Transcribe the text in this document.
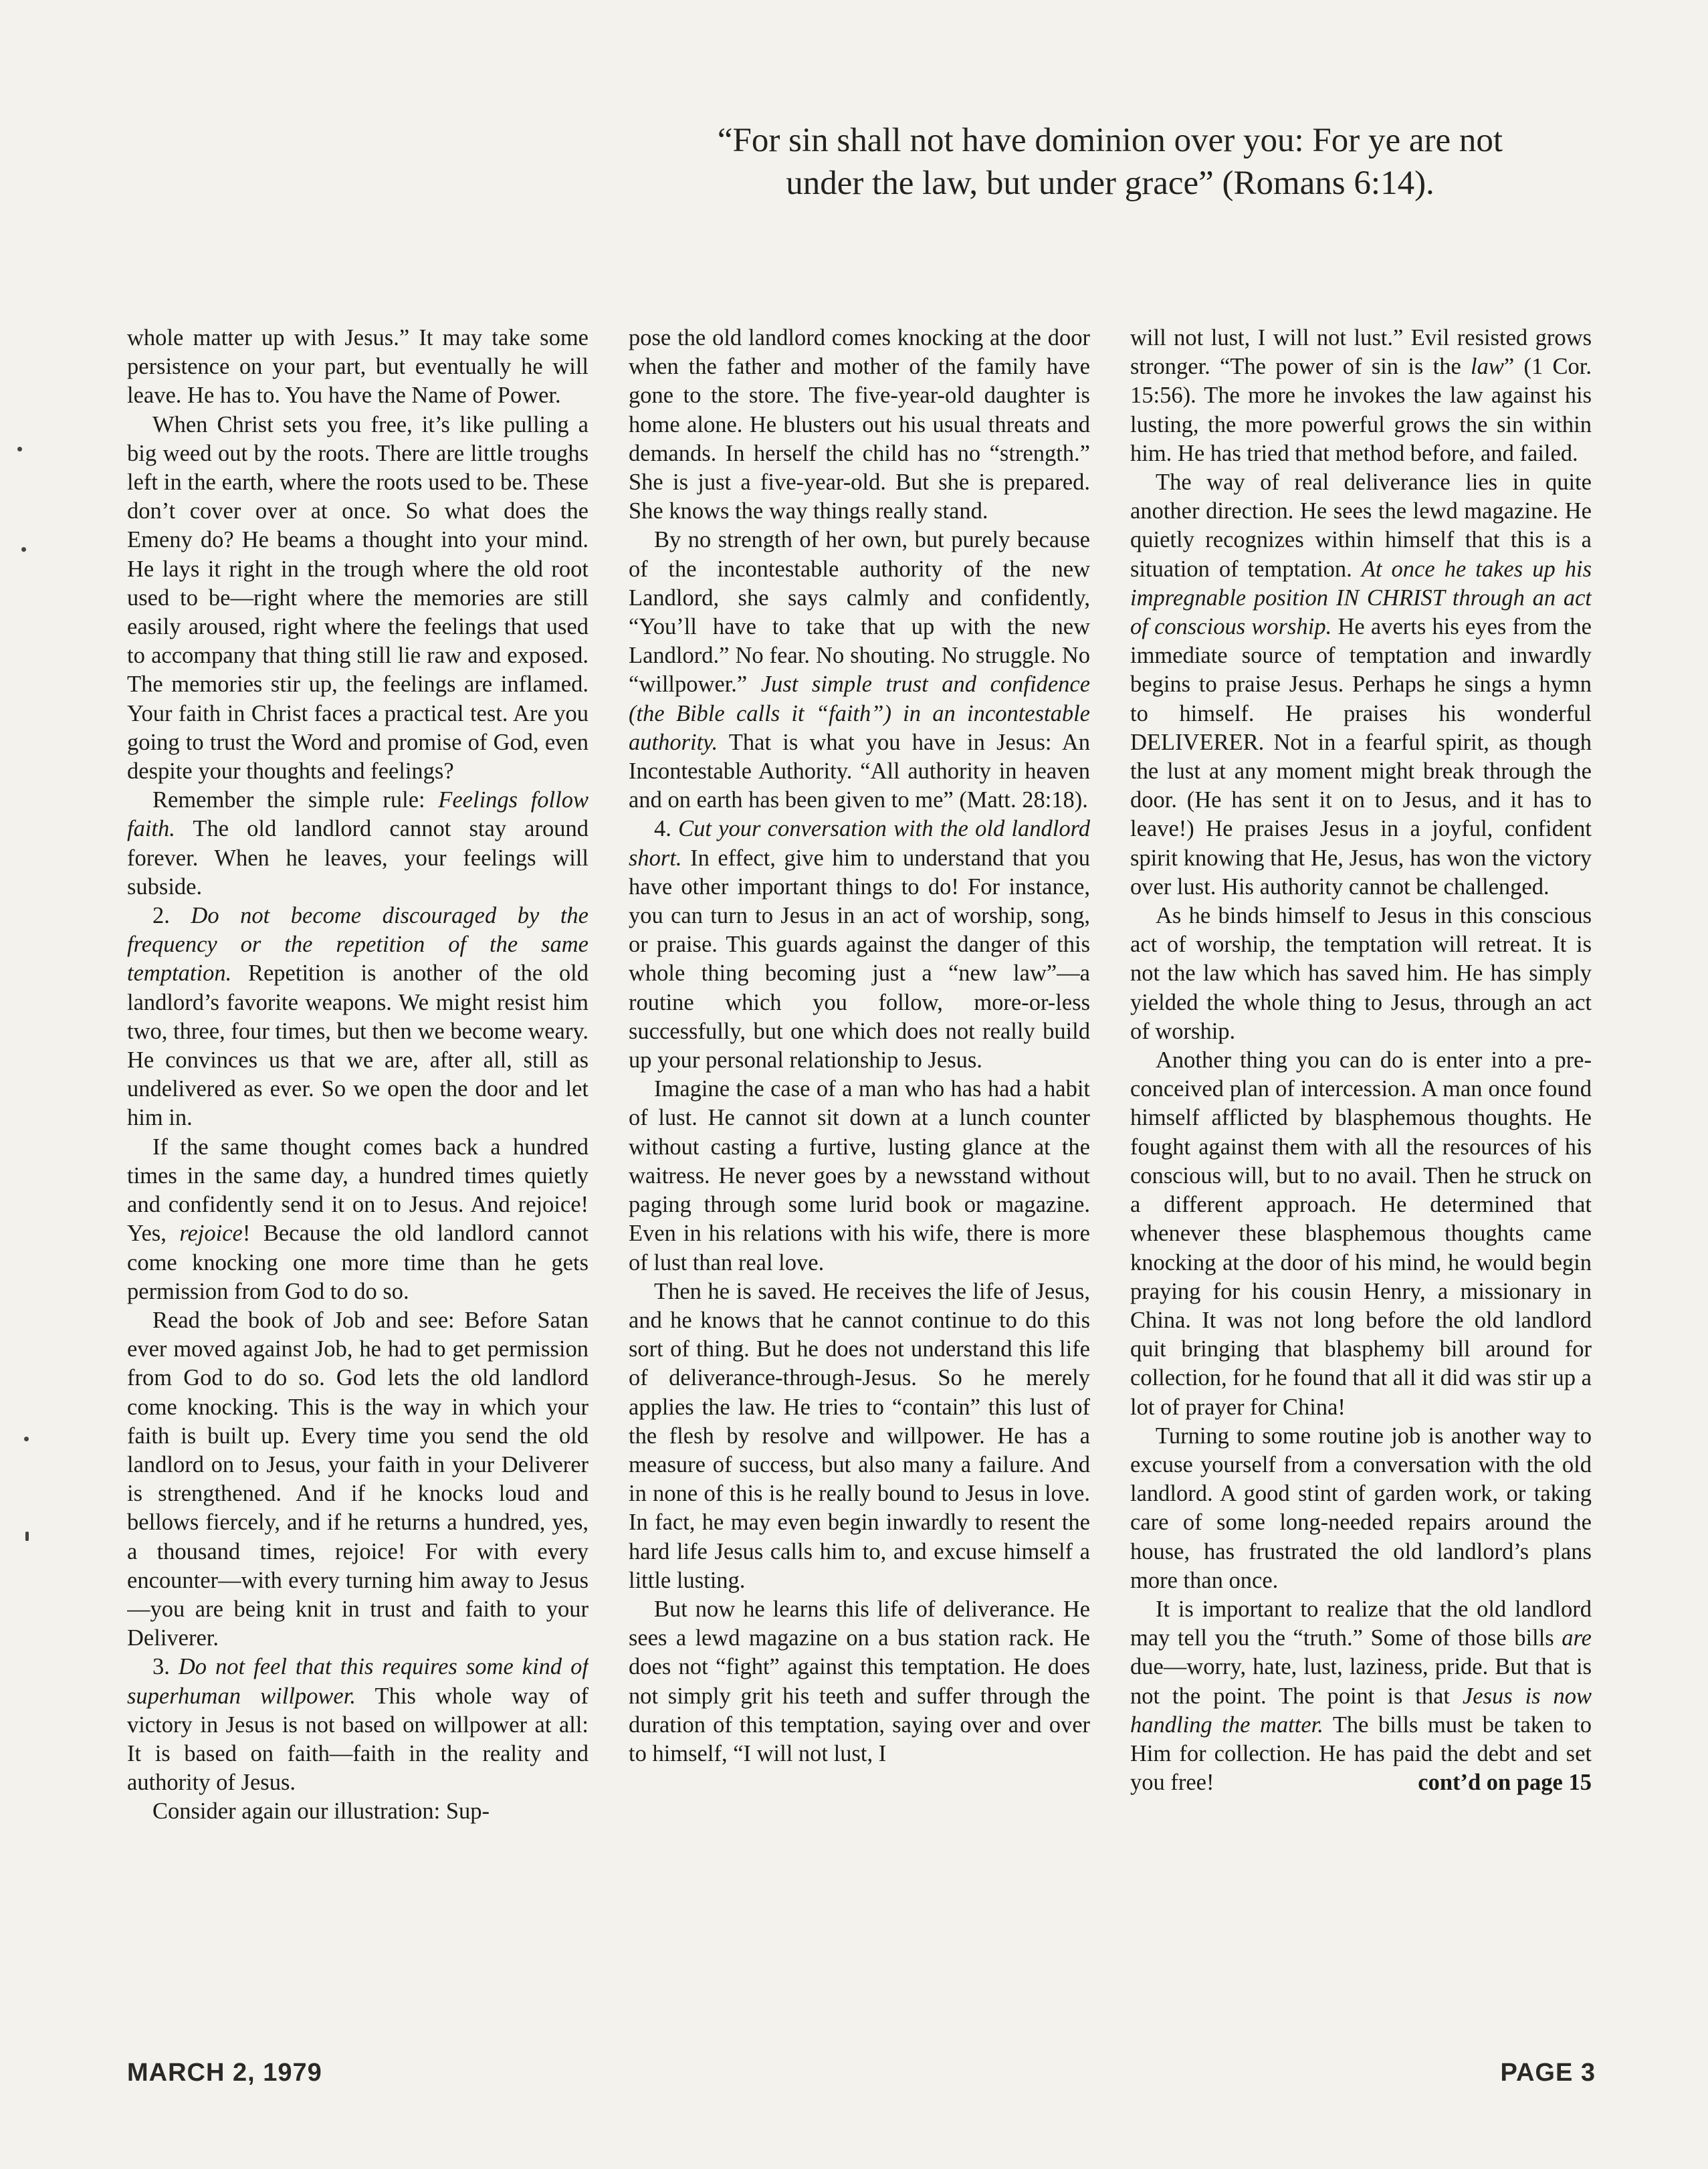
“For sin shall not have dominion over you: For ye are not

under the law, but under grace” (Romans 6:14).

whole matter up with Jesus.” It may take some persistence on your part, but eventually he will leave. He has to. You have the Name of Power.

When Christ sets you free, it’s like pulling a big weed out by the roots. There are little troughs left in the earth, where the roots used to be. These don’t cover over at once. So what does the Emeny do? He beams a thought into your mind. He lays it right in the trough where the old root used to be—right where the memories are still easily aroused, right where the feelings that used to accompany that thing still lie raw and exposed. The memories stir up, the feelings are inflamed. Your faith in Christ faces a practical test. Are you going to trust the Word and promise of God, even despite your thoughts and feelings?

Remember the simple rule: Feelings follow faith. The old landlord cannot stay around forever. When he leaves, your feelings will subside.

2. Do not become discouraged by the frequency or the repetition of the same temptation. Repetition is another of the old landlord’s favorite weapons. We might resist him two, three, four times, but then we become weary. He convinces us that we are, after all, still as undelivered as ever. So we open the door and let him in.

If the same thought comes back a hundred times in the same day, a hundred times quietly and confidently send it on to Jesus. And rejoice! Yes, rejoice! Because the old landlord cannot come knocking one more time than he gets permission from God to do so.

Read the book of Job and see: Before Satan ever moved against Job, he had to get permission from God to do so. God lets the old landlord come knocking. This is the way in which your faith is built up. Every time you send the old landlord on to Jesus, your faith in your Deliverer is strengthened. And if he knocks loud and bellows fiercely, and if he returns a hundred, yes, a thousand times, rejoice! For with every encounter—with every turning him away to Jesus—you are being knit in trust and faith to your Deliverer.

3. Do not feel that this requires some kind of superhuman willpower. This whole way of victory in Jesus is not based on willpower at all: It is based on faith—faith in the reality and authority of Jesus.

Consider again our illustration: Sup-

pose the old landlord comes knocking at the door when the father and mother of the family have gone to the store. The five-year-old daughter is home alone. He blusters out his usual threats and demands. In herself the child has no “strength.” She is just a five-year-old. But she is prepared. She knows the way things really stand.

By no strength of her own, but purely because of the incontestable authority of the new Landlord, she says calmly and confidently, “You’ll have to take that up with the new Landlord.” No fear. No shouting. No struggle. No “willpower.” Just simple trust and confidence (the Bible calls it “faith”) in an incontestable authority. That is what you have in Jesus: An Incontestable Authority. “All authority in heaven and on earth has been given to me” (Matt. 28:18).

4. Cut your conversation with the old landlord short. In effect, give him to understand that you have other important things to do! For instance, you can turn to Jesus in an act of worship, song, or praise. This guards against the danger of this whole thing becoming just a “new law”—a routine which you follow, more-or-less successfully, but one which does not really build up your personal relationship to Jesus.

Imagine the case of a man who has had a habit of lust. He cannot sit down at a lunch counter without casting a furtive, lusting glance at the waitress. He never goes by a newsstand without paging through some lurid book or magazine. Even in his relations with his wife, there is more of lust than real love.

Then he is saved. He receives the life of Jesus, and he knows that he cannot continue to do this sort of thing. But he does not understand this life of deliverance-through-Jesus. So he merely applies the law. He tries to “contain” this lust of the flesh by resolve and willpower. He has a measure of success, but also many a failure. And in none of this is he really bound to Jesus in love. In fact, he may even begin inwardly to resent the hard life Jesus calls him to, and excuse himself a little lusting.

But now he learns this life of deliverance. He sees a lewd magazine on a bus station rack. He does not “fight” against this temptation. He does not simply grit his teeth and suffer through the duration of this temptation, saying over and over to himself, “I will not lust, I

will not lust, I will not lust.” Evil resisted grows stronger. “The power of sin is the law” (1 Cor. 15:56). The more he invokes the law against his lusting, the more powerful grows the sin within him. He has tried that method before, and failed.

The way of real deliverance lies in quite another direction. He sees the lewd magazine. He quietly recognizes within himself that this is a situation of temptation. At once he takes up his impregnable position IN CHRIST through an act of conscious worship. He averts his eyes from the immediate source of temptation and inwardly begins to praise Jesus. Perhaps he sings a hymn to himself. He praises his wonderful DELIVERER. Not in a fearful spirit, as though the lust at any moment might break through the door. (He has sent it on to Jesus, and it has to leave!) He praises Jesus in a joyful, confident spirit knowing that He, Jesus, has won the victory over lust. His authority cannot be challenged.

As he binds himself to Jesus in this conscious act of worship, the temptation will retreat. It is not the law which has saved him. He has simply yielded the whole thing to Jesus, through an act of worship.

Another thing you can do is enter into a pre-conceived plan of intercession. A man once found himself afflicted by blasphemous thoughts. He fought against them with all the resources of his conscious will, but to no avail. Then he struck on a different approach. He determined that whenever these blasphemous thoughts came knocking at the door of his mind, he would begin praying for his cousin Henry, a missionary in China. It was not long before the old landlord quit bringing that blasphemy bill around for collection, for he found that all it did was stir up a lot of prayer for China!

Turning to some routine job is another way to excuse yourself from a conversation with the old landlord. A good stint of garden work, or taking care of some long-needed repairs around the house, has frustrated the old landlord’s plans more than once.

It is important to realize that the old landlord may tell you the “truth.” Some of those bills are due—worry, hate, lust, laziness, pride. But that is not the point. The point is that Jesus is now handling the matter. The bills must be taken to Him for collection. He has paid the debt and set you free!	cont’d on page 15

MARCH 2, 1979	PAGE 3
